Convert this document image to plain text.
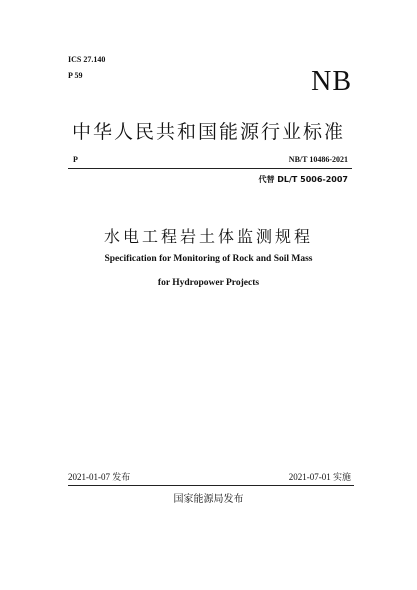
ICS 27.140
P 59	NB
中华人民共和国能源行业标准
P	NB/T 10486-2021
代替 DL/T 5006-2007
水电工程岩土体监测规程
Specification for Monitoring of Rock and Soil Mass
for Hydropower Projects
2021-01-07 发布	2021-07-01 实施
国家能源局发布
